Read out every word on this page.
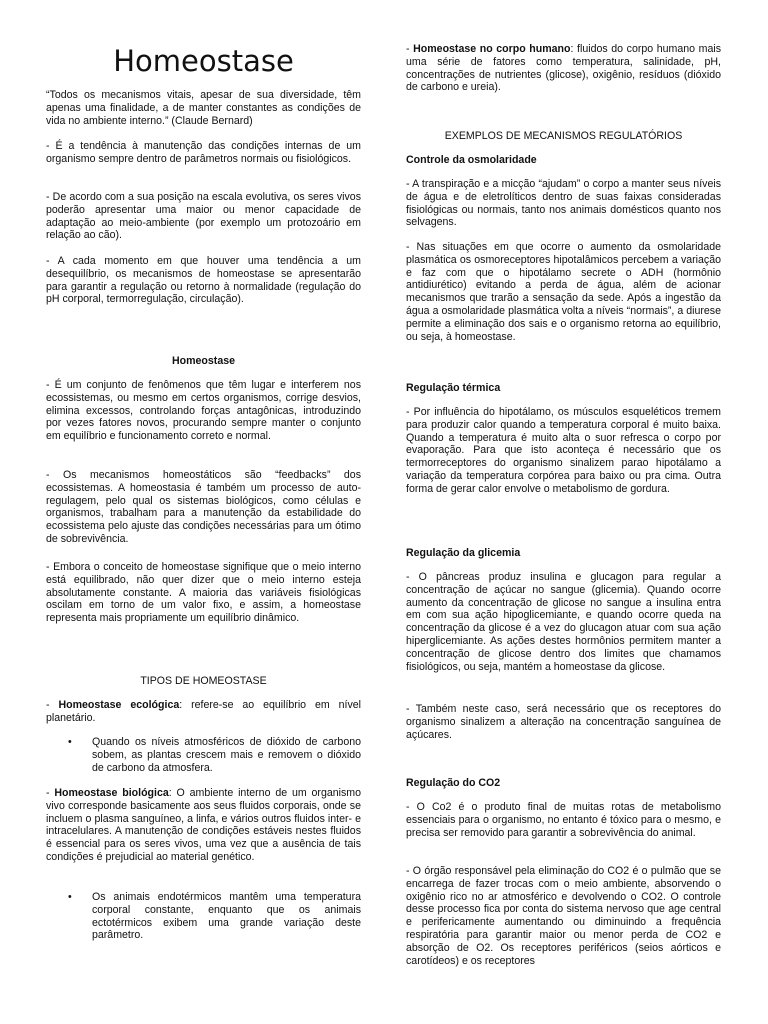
Homeostase

“Todos os mecanismos vitais, apesar de sua diversidade, têm apenas uma finalidade, a de manter constantes as condições de vida no ambiente interno.” (Claude Bernard)

- É a tendência à manutenção das condições internas de um organismo sempre dentro de parâmetros normais ou fisiológicos.

- De acordo com a sua posição na escala evolutiva, os seres vivos poderão apresentar uma maior ou menor capacidade de adaptação ao meio-ambiente (por exemplo um protozoário em relação ao cão).

- A cada momento em que houver uma tendência a um desequilíbrio, os mecanismos de homeostase se apresentarão para garantir a regulação ou retorno à normalidade (regulação do pH corporal, termorregulação, circulação).

Homeostase

- É um conjunto de fenômenos que têm lugar e interferem nos ecossistemas, ou mesmo em certos organismos, corrige desvios, elimina excessos, controlando forças antagônicas, introduzindo por vezes fatores novos, procurando sempre manter o conjunto em equilíbrio e funcionamento correto e normal.

- Os mecanismos homeostáticos são “feedbacks” dos ecossistemas. A homeostasia é também um processo de auto-regulagem, pelo qual os sistemas biológicos, como células e organismos, trabalham para a manutenção da estabilidade do ecossistema pelo ajuste das condições necessárias para um ótimo de sobrevivência.

- Embora o conceito de homeostase signifique que o meio interno está equilibrado, não quer dizer que o meio interno esteja absolutamente constante. A maioria das variáveis fisiológicas oscilam em torno de um valor fixo, e assim, a homeostase representa mais propriamente um equilíbrio dinâmico.

TIPOS DE HOMEOSTASE

- Homeostase ecológica: refere-se ao equilíbrio em nível planetário.

• Quando os níveis atmosféricos de dióxido de carbono sobem, as plantas crescem mais e removem o dióxido de carbono da atmosfera.

- Homeostase biológica: O ambiente interno de um organismo vivo corresponde basicamente aos seus fluidos corporais, onde se incluem o plasma sanguíneo, a linfa, e vários outros fluidos inter- e intracelulares. A manutenção de condições estáveis nestes fluidos é essencial para os seres vivos, uma vez que a ausência de tais condições é prejudicial ao material genético.

• Os animais endotérmicos mantêm uma temperatura corporal constante, enquanto que os animais ectotérmicos exibem uma grande variação deste parâmetro.

- Homeostase no corpo humano: fluidos do corpo humano mais uma série de fatores como temperatura, salinidade, pH, concentrações de nutrientes (glicose), oxigênio, resíduos (dióxido de carbono e ureia).

EXEMPLOS DE MECANISMOS REGULATÓRIOS

Controle da osmolaridade

- A transpiração e a micção “ajudam” o corpo a manter seus níveis de água e de eletrolíticos dentro de suas faixas consideradas fisiológicas ou normais, tanto nos animais domésticos quanto nos selvagens.

- Nas situações em que ocorre o aumento da osmolaridade plasmática os osmoreceptores hipotalâmicos percebem a variação e faz com que o hipotálamo secrete o ADH (hormônio antidiurético) evitando a perda de água, além de acionar mecanismos que trarão a sensação da sede. Após a ingestão da água a osmolaridade plasmática volta a níveis “normais”, a diurese permite a eliminação dos sais e o organismo retorna ao equilíbrio, ou seja, à homeostase.

Regulação térmica

- Por influência do hipotálamo, os músculos esqueléticos tremem para produzir calor quando a temperatura corporal é muito baixa. Quando a temperatura é muito alta o suor refresca o corpo por evaporação. Para que isto aconteça é necessário que os termorreceptores do organismo sinalizem parao hipotálamo a variação da temperatura corpórea para baixo ou pra cima. Outra forma de gerar calor envolve o metabolismo de gordura.

Regulação da glicemia

- O pâncreas produz insulina e glucagon para regular a concentração de açúcar no sangue (glicemia). Quando ocorre aumento da concentração de glicose no sangue a insulina entra em com sua ação hipoglicemiante, e quando ocorre queda na concentração da glicose é a vez do glucagon atuar com sua ação hiperglicemiante. As ações destes hormônios permitem manter a concentração de glicose dentro dos limites que chamamos fisiológicos, ou seja, mantém a homeostase da glicose.

- Também neste caso, será necessário que os receptores do organismo sinalizem a alteração na concentração sanguínea de açúcares.

Regulação do CO2

- O Co2 é o produto final de muitas rotas de metabolismo essenciais para o organismo, no entanto é tóxico para o mesmo, e precisa ser removido para garantir a sobrevivência do animal.

- O órgão responsável pela eliminação do CO2 é o pulmão que se encarrega de fazer trocas com o meio ambiente, absorvendo o oxigênio rico no ar atmosférico e devolvendo o CO2. O controle desse processo fica por conta do sistema nervoso que age central e perifericamente aumentando ou diminuindo a frequência respiratória para garantir maior ou menor perda de CO2 e absorção de O2. Os receptores periféricos (seios aórticos e carotídeos) e os receptores
